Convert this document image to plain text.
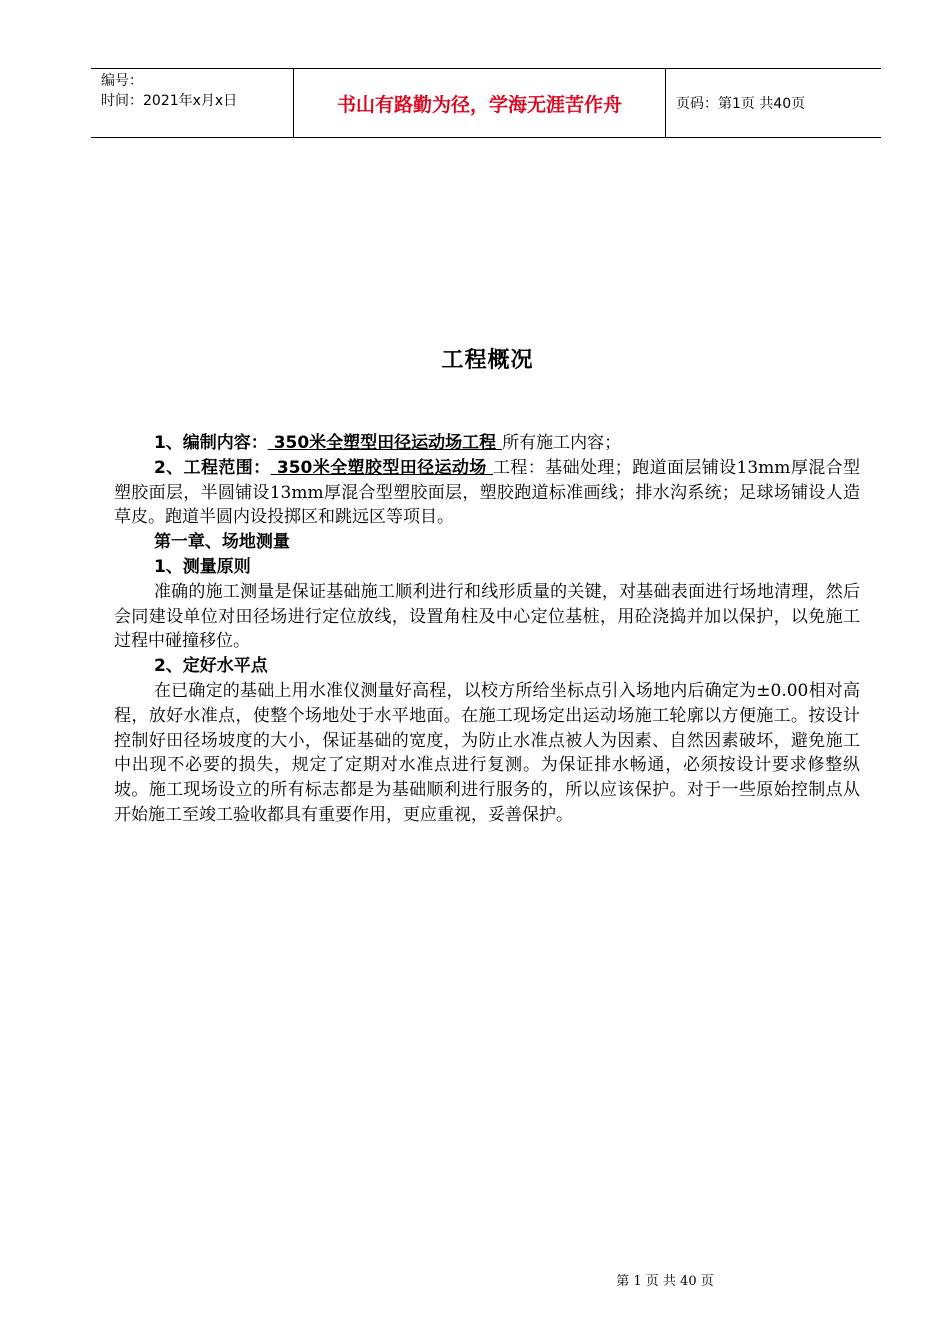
编号：
时间：2021年x月x日	书山有路勤为径，学海无涯苦作舟	页码：第1页 共40页
工程概况

1、编制内容： 350米全塑型田径运动场工程 所有施工内容；

2、工程范围： 350米全塑胶型田径运动场 工程：基础处理；跑道面层铺设13mm厚混合型塑胶面层，半圆铺设13mm厚混合型塑胶面层，塑胶跑道标准画线；排水沟系统；足球场铺设人造草皮。跑道半圆内设投掷区和跳远区等项目。

第一章、场地测量

1、测量原则

准确的施工测量是保证基础施工顺利进行和线形质量的关键，对基础表面进行场地清理，然后会同建设单位对田径场进行定位放线，设置角柱及中心定位基桩，用砼浇捣并加以保护，以免施工过程中碰撞移位。

2、定好水平点

在已确定的基础上用水准仪测量好高程，以校方所给坐标点引入场地内后确定为±0.00相对高程，放好水准点，使整个场地处于水平地面。在施工现场定出运动场施工轮廓以方便施工。按设计控制好田径场坡度的大小，保证基础的宽度，为防止水准点被人为因素、自然因素破坏，避免施工中出现不必要的损失，规定了定期对水准点进行复测。为保证排水畅通，必须按设计要求修整纵坡。施工现场设立的所有标志都是为基础顺利进行服务的，所以应该保护。对于一些原始控制点从开始施工至竣工验收都具有重要作用，更应重视，妥善保护。

第 1 页 共 40 页
